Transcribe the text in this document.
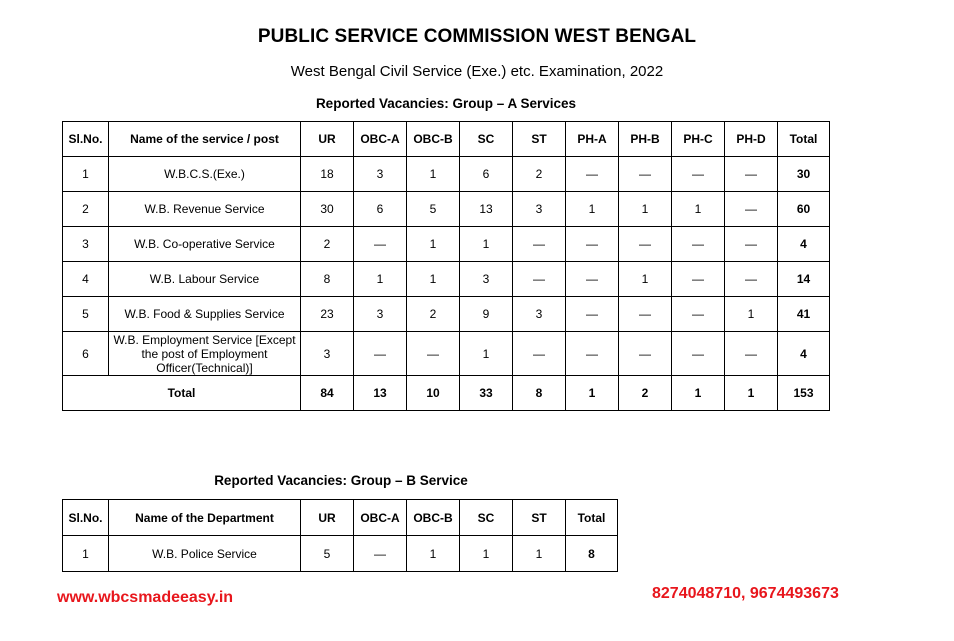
PUBLIC SERVICE COMMISSION WEST BENGAL
West Bengal Civil Service (Exe.) etc. Examination, 2022
Reported Vacancies: Group – A Services
Sl.No.	Name of the service / post	UR	OBC-A	OBC-B	SC	ST	PH-A	PH-B	PH-C	PH-D	Total
1	W.B.C.S.(Exe.)	18	3	1	6	2	—	—	—	—	30
2	W.B. Revenue Service	30	6	5	13	3	1	1	1	—	60
3	W.B. Co-operative Service	2	—	1	1	—	—	—	—	—	4
4	W.B. Labour Service	8	1	1	3	—	—	1	—	—	14
5	W.B. Food & Supplies Service	23	3	2	9	3	—	—	—	1	41
6	W.B. Employment Service [Except the post of Employment Officer(Technical)]	3	—	—	1	—	—	—	—	—	4
Total		84	13	10	33	8	1	2	1	1	153
Reported Vacancies: Group – B Service
Sl.No.	Name of the Department	UR	OBC-A	OBC-B	SC	ST	Total
1	W.B. Police Service	5	—	1	1	1	8
www.wbcsmadeeasy.in	8274048710, 9674493673
